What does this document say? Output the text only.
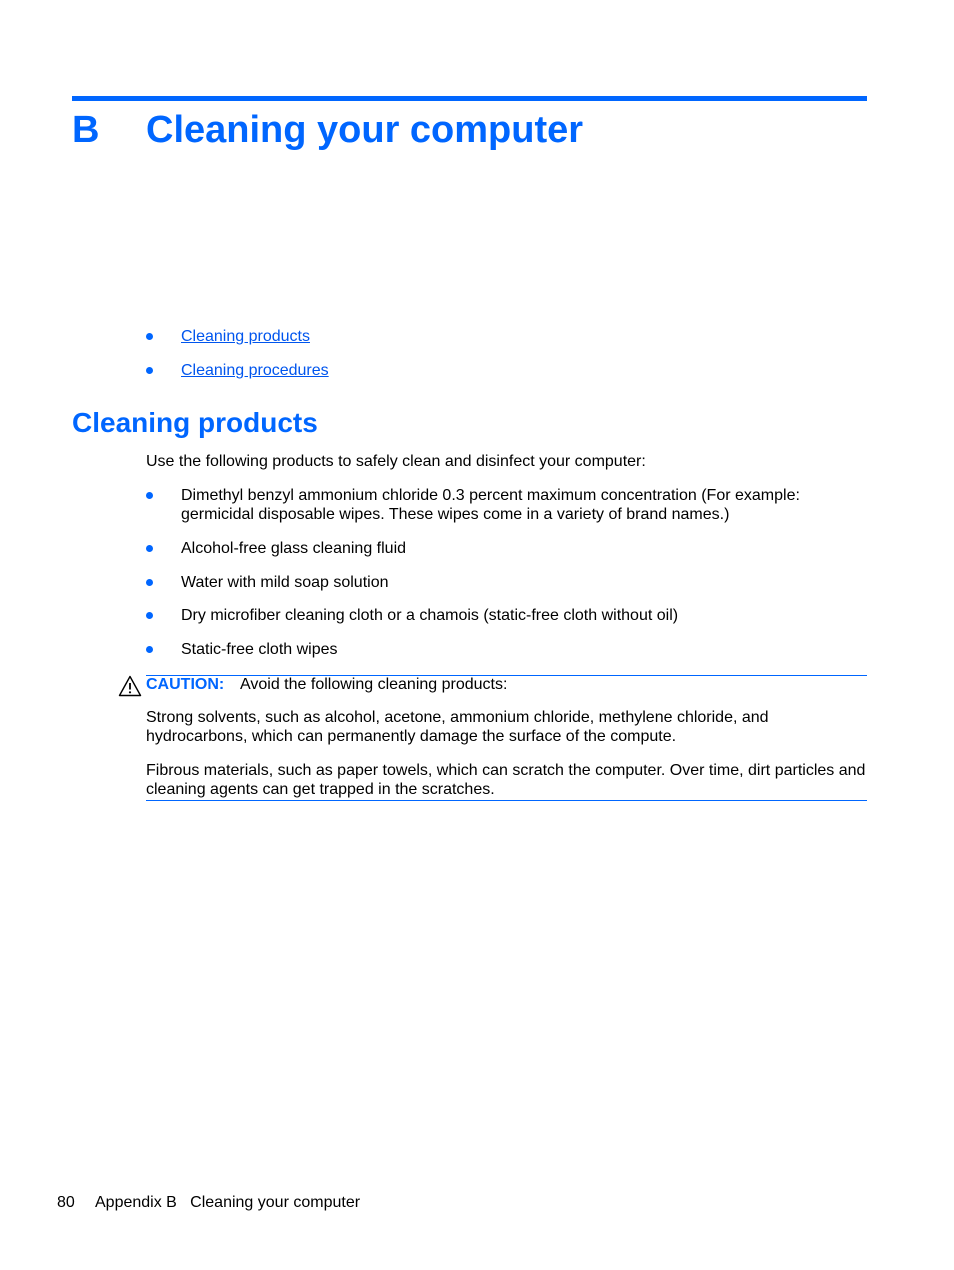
B Cleaning your computer
Cleaning products
Cleaning procedures
Cleaning products
Use the following products to safely clean and disinfect your computer:
Dimethyl benzyl ammonium chloride 0.3 percent maximum concentration (For example: germicidal disposable wipes. These wipes come in a variety of brand names.)
Alcohol-free glass cleaning fluid
Water with mild soap solution
Dry microfiber cleaning cloth or a chamois (static-free cloth without oil)
Static-free cloth wipes
CAUTION: Avoid the following cleaning products:
Strong solvents, such as alcohol, acetone, ammonium chloride, methylene chloride, and hydrocarbons, which can permanently damage the surface of the compute.
Fibrous materials, such as paper towels, which can scratch the computer. Over time, dirt particles and cleaning agents can get trapped in the scratches.
80 Appendix B   Cleaning your computer
